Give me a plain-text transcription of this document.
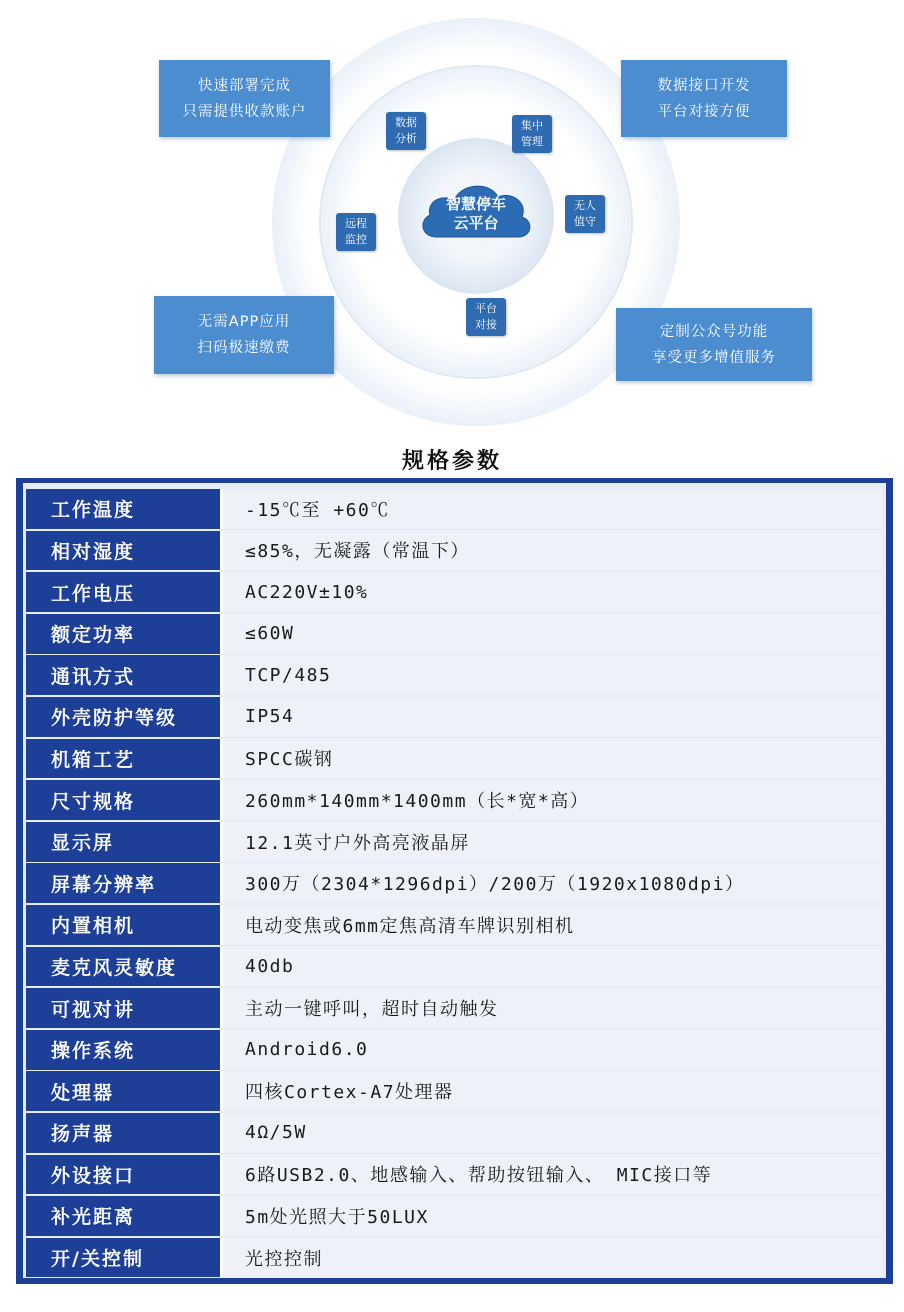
智慧停车
云平台
数据
分析
集中
管理
无人
值守
远程
监控
平台
对接
快速部署完成
只需提供收款账户
数据接口开发
平台对接方便
无需APP应用
扫码极速缴费
定制公众号功能
享受更多增值服务
规格参数
工作温度	-15℃至 +60℃
相对湿度	≤85%，无凝露（常温下）
工作电压	AC220V±10%
额定功率	≤60W
通讯方式	TCP/485
外壳防护等级	IP54
机箱工艺	SPCC碳钢
尺寸规格	260mm*140mm*1400mm（长*宽*高）
显示屏	12.1英寸户外高亮液晶屏
屏幕分辨率	300万（2304*1296dpi）/200万（1920x1080dpi）
内置相机	电动变焦或6mm定焦高清车牌识别相机
麦克风灵敏度	40db
可视对讲	主动一键呼叫，超时自动触发
操作系统	Android6.0
处理器	四核Cortex-A7处理器
扬声器	4Ω/5W
外设接口	6路USB2.0、地感输入、帮助按钮输入、 MIC接口等
补光距离	5m处光照大于50LUX
开/关控制	光控控制
